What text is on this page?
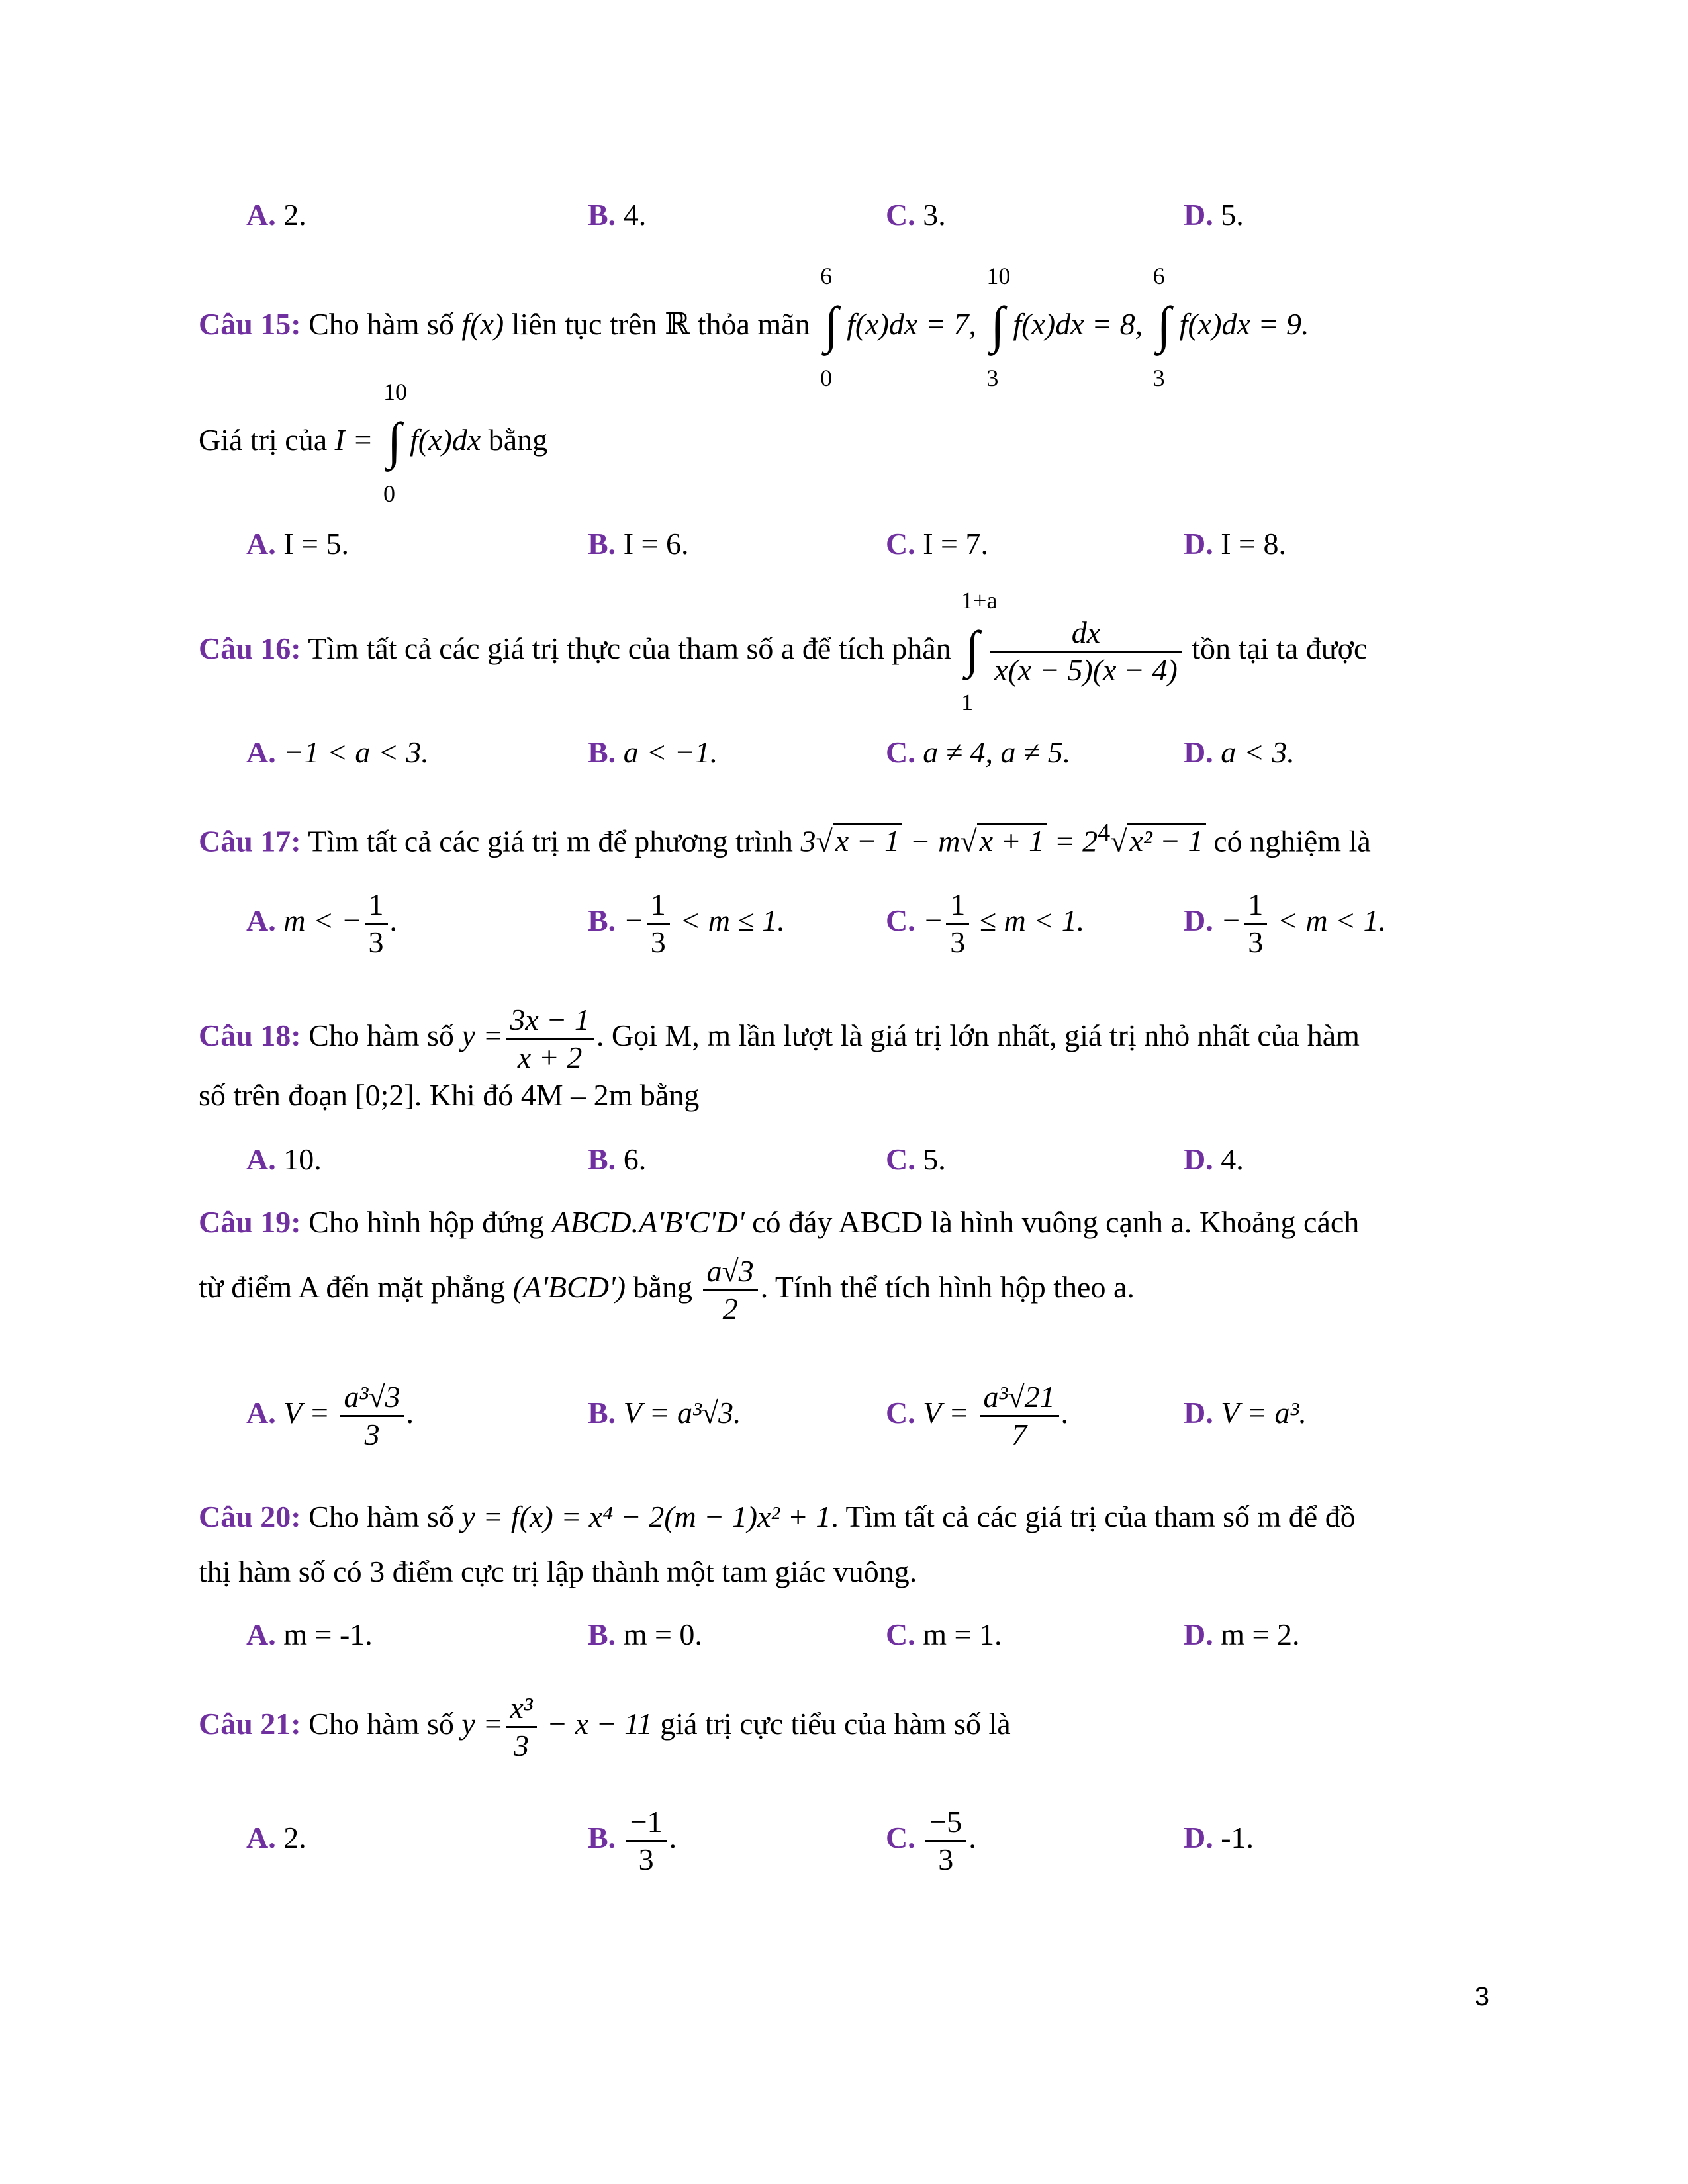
A. 2.	B. 4.	C. 3.	D. 5.
Câu 15: Cho hàm số f(x) liên tục trên ℝ thỏa mãn
6
∫
0
f(x)dx = 7,
10
∫
3
f(x)dx = 8,
6
∫
3
f(x)dx = 9.
Giá trị của I =
10
∫
0
f(x)dx bằng
A. I = 5.	B. I = 6.	C. I = 7.	D. I = 8.
Câu 16: Tìm tất cả các giá trị thực của tham số a để tích phân
1+a
∫
1
$\frac{dx}{x(x - 5)(x - 4)}$ tồn tại ta được
A. −1 < a < 3.	B. a < −1.	C. a ≠ 4, a ≠ 5.	D. a < 3.
Câu 17: Tìm tất cả các giá trị m để phương trình $3√x - 1 - m√x + 1 = 2^4√x^2 - 1$ có nghiệm là
A. m < − $\frac{1}{3}$ .	B. − $\frac{1}{3} < m \le 1$.	C. − $\frac{1}{3} \le m < 1$.	D. − $\frac{1}{3} < m < 1$.
Câu 18: Cho hàm số $y = \frac{3x - 1}{x + 2}$ . Gọi M, m lần lượt là giá trị lớn nhất, giá trị nhỏ nhất của hàm
số trên đoạn [0;2]. Khi đó 4M – 2m bằng
A. 10.	B. 6.	C. 5.	D. 4.
Câu 19: Cho hình hộp đứng ABCD.A'B'C'D' có đáy ABCD là hình vuông cạnh a. Khoảng cách
từ điểm A đến mặt phẳng (A'BCD') bằng $\frac{a√3}{2}$ . Tính thể tích hình hộp theo a.
A. $V = \frac{\text{a³√3}}{3}$ .	B. V = a³√3.	C. $V = \frac{\text{a³√21}}{7}$ .	D. V = a³.
Câu 20: Cho hàm số y = f(x) = x⁴ − 2(m − 1)x² + 1. Tìm tất cả các giá trị của tham số m để đồ
thị hàm số có 3 điểm cực trị lập thành một tam giác vuông.
A. m = -1.	B. m = 0.	C. m = 1.	D. m = 2.
Câu 21: Cho hàm số $y = \frac{\text{x³}}{3} - x - 11$ giá trị cực tiểu của hàm số là
A. 2.	B. $\frac{-1}{3}$ .	C. $\frac{-5}{3}$ .	D. -1.
3
